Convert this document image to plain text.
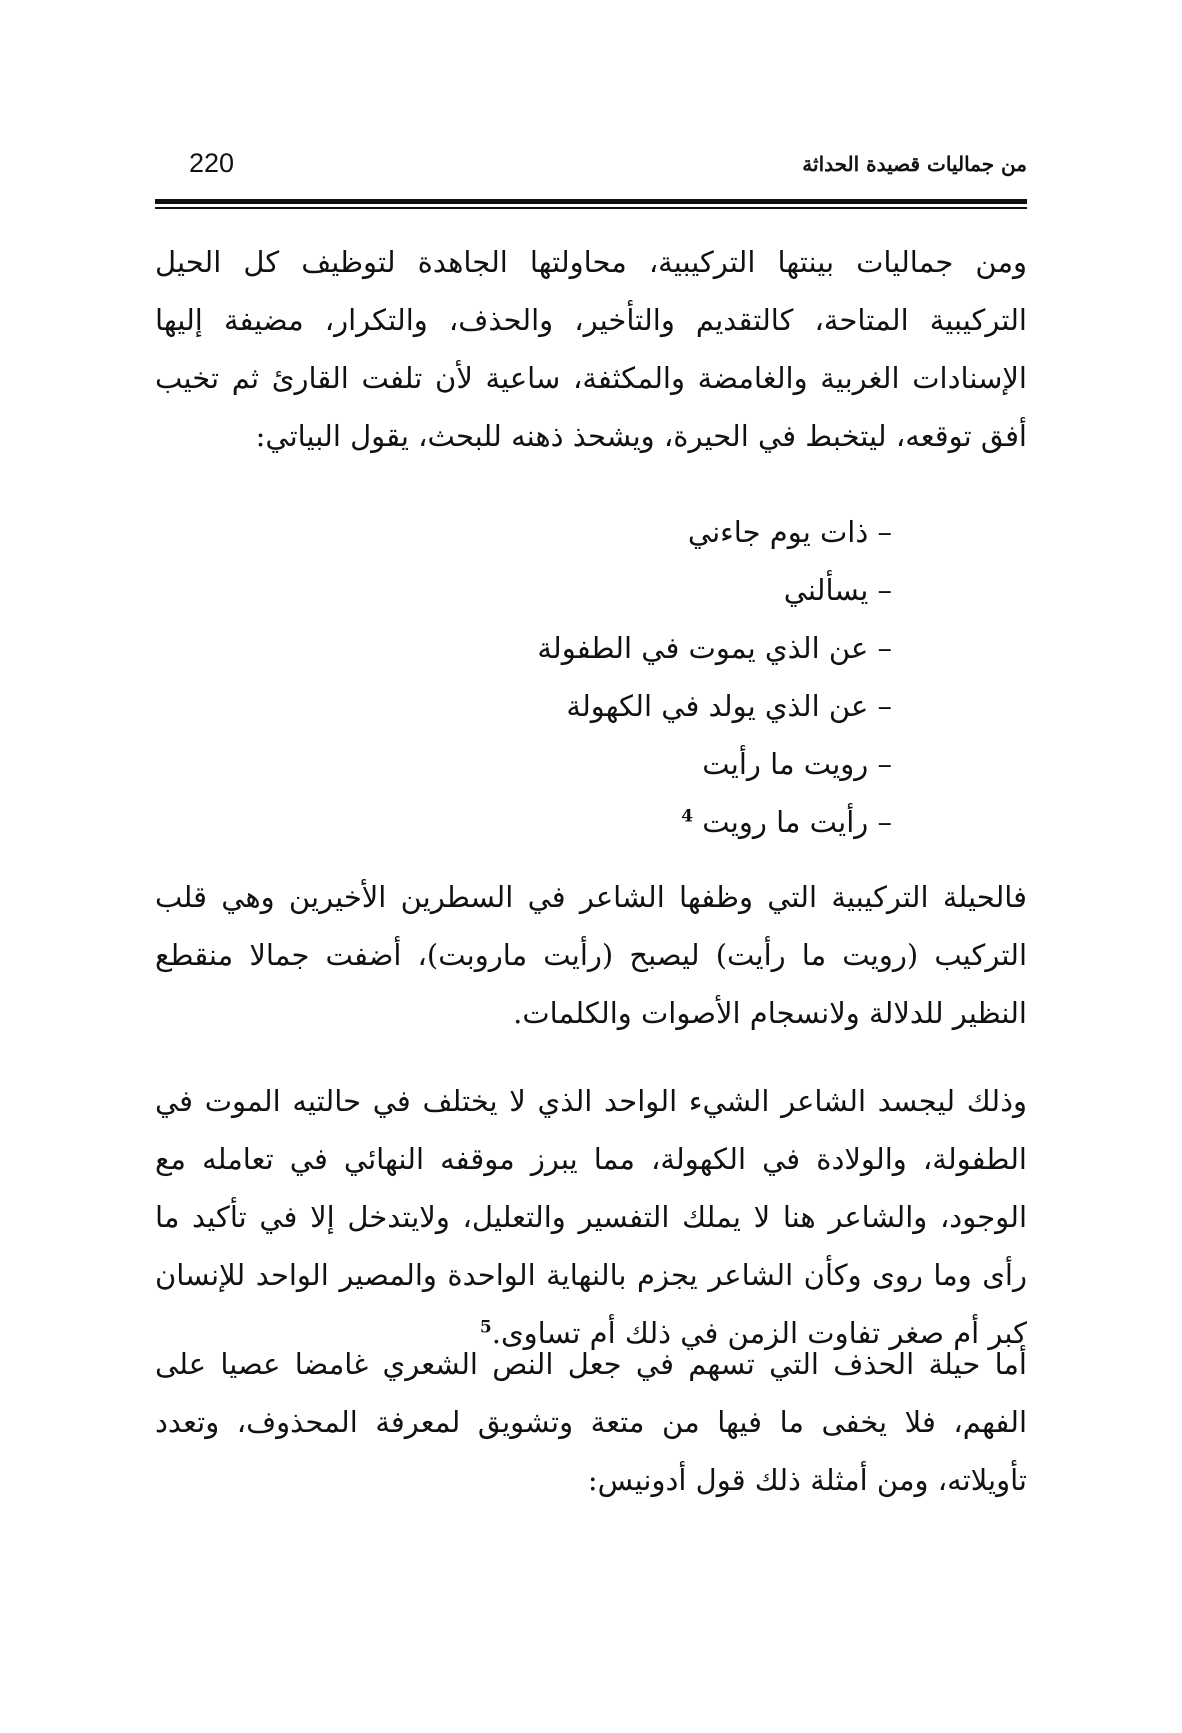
220	من جماليات قصيدة الحداثة

ومن جماليات بينتها التركيبية، محاولتها الجاهدة لتوظيف كل الحيل التركيبية المتاحة، كالتقديم والتأخير، والحذف، والتكرار، مضيفة إليها الإسنادات الغربية والغامضة والمكثفة، ساعية لأن تلفت القارئ ثم تخيب أفق توقعه، ليتخبط في الحيرة، ويشحذ ذهنه للبحث، يقول البياتي:

– ذات يوم جاءني
– يسألني
– عن الذي يموت في الطفولة
– عن الذي يولد في الكهولة
– رويت ما رأيت
– رأيت ما رويت $^4$

فالحيلة التركيبية التي وظفها الشاعر في السطرين الأخيرين وهي قلب التركيب (رويت ما رأيت) ليصبح (رأيت ماروبت)، أضفت جمالا منقطع النظير للدلالة ولانسجام الأصوات والكلمات.

وذلك ليجسد الشاعر الشيء الواحد الذي لا يختلف في حالتيه الموت في الطفولة، والولادة في الكهولة، مما يبرز موقفه النهائي في تعامله مع الوجود، والشاعر هنا لا يملك التفسير والتعليل، ولايتدخل إلا في تأكيد ما رأى وما روى وكأن الشاعر يجزم بالنهاية الواحدة والمصير الواحد للإنسان كبر أم صغر تفاوت الزمن في ذلك أم تساوى.$^5$

أما حيلة الحذف التي تسهم في جعل النص الشعري غامضا عصيا على الفهم، فلا يخفى ما فيها من متعة وتشويق لمعرفة المحذوف، وتعدد تأويلاته، ومن أمثلة ذلك قول أدونيس:
